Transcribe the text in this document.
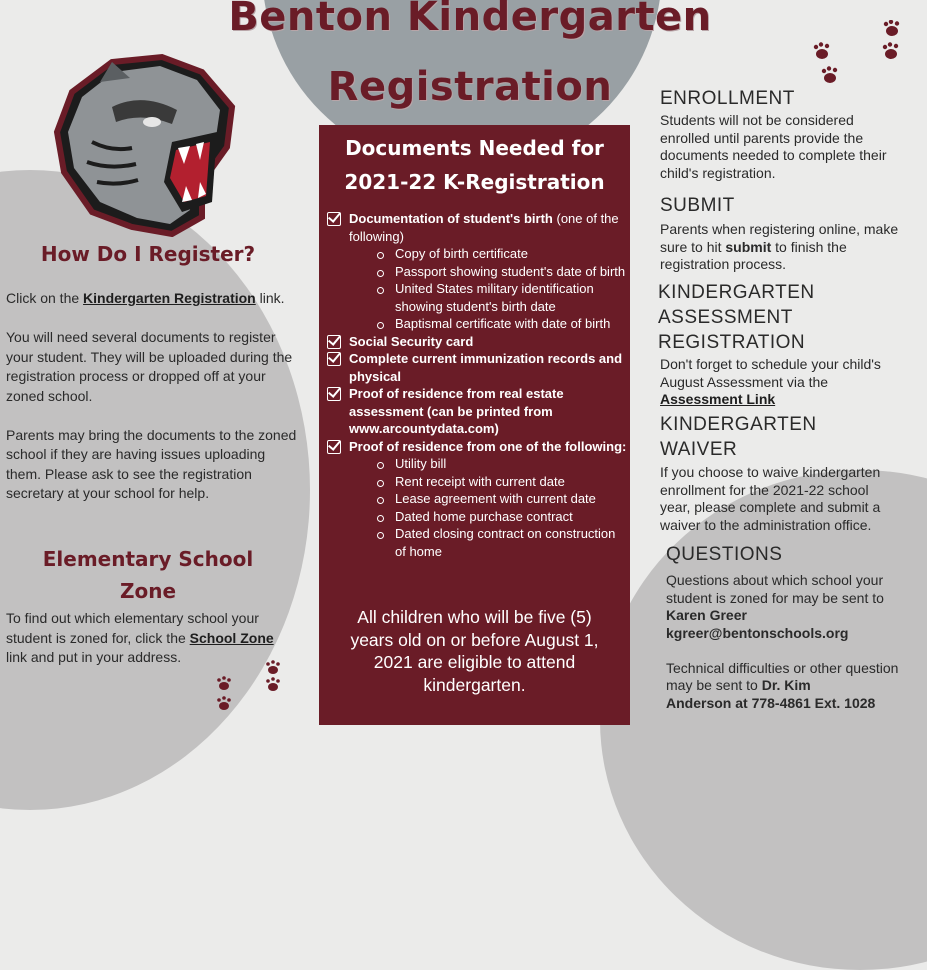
Benton Kindergarten
Registration
How Do I Register?
Click on the Kindergarten Registration link.
You will need several documents to register your student. They will be uploaded during the registration process or dropped off at your zoned school.
Parents may bring the documents to the zoned school if they are having issues uploading them. Please ask to see the registration secretary at your school for help.
Elementary School
Zone
To find out which elementary school your student is zoned for, click the School Zone link and put in your address.
Documents Needed for
2021-22 K-Registration
Documentation of student's birth (one of the following)
Copy of birth certificate
Passport showing student's date of birth
United States military identification showing student's birth date
Baptismal certificate with date of birth
Social Security card
Complete current immunization records and physical
Proof of residence from real estate assessment (can be printed from www.arcountydata.com)
Proof of residence from one of the following:
Utility bill
Rent receipt with current date
Lease agreement with current date
Dated home purchase contract
Dated closing contract on construction of home
All children who will be five (5) years old on or before August 1, 2021 are eligible to attend kindergarten.
ENROLLMENT
Students will not be considered enrolled until parents provide the documents needed to complete their child's registration.
SUBMIT
Parents when registering online, make sure to hit submit to finish the registration process.
KINDERGARTEN
ASSESSMENT
REGISTRATION
Don't forget to schedule your child's August Assessment via the
Assessment Link
KINDERGARTEN
WAIVER
If you choose to waive kindergarten enrollment for the 2021-22 school year, please complete and submit a waiver to the administration office.
QUESTIONS
Questions about which school your student is zoned for may be sent to
Karen Greer
kgreer@bentonschools.org
Technical difficulties or other question may be sent to Dr. Kim
Anderson at 778-4861 Ext. 1028
